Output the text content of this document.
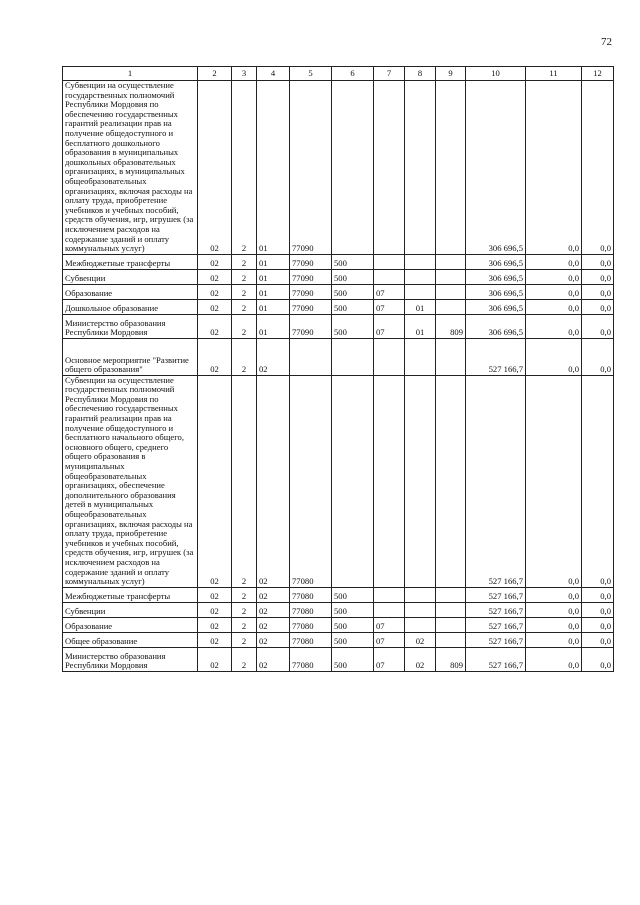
72
1	2	3	4	5	6	7	8	9	10	11	12
Субвенции на осуществление государственных полномочий Республики Мордовия по обеспечению государственных гарантий реализации прав на получение общедоступного и бесплатного дошкольного образования в муниципальных дошкольных образовательных организациях, в муниципальных общеобразовательных организациях, включая расходы на оплату труда, приобретение учебников и учебных пособий, средств обучения, игр, игрушек (за исключением расходов на содержание зданий и оплату коммунальных услуг)	02	2	01	77090					306 696,5	0,0	0,0
Межбюджетные трансферты	02	2	01	77090	500				306 696,5	0,0	0,0
Субвенции	02	2	01	77090	500				306 696,5	0,0	0,0
Образование	02	2	01	77090	500	07			306 696,5	0,0	0,0
Дошкольное образование	02	2	01	77090	500	07	01		306 696,5	0,0	0,0
Министерство образования Республики Мордовия	02	2	01	77090	500	07	01	809	306 696,5	0,0	0,0
Основное мероприятие "Развитие общего образования"	02	2	02						527 166,7	0,0	0,0
Субвенции на осуществление государственных полномочий Республики Мордовия по обеспечению государственных гарантий реализации прав на получение общедоступного и бесплатного начального общего, основного общего, среднего общего образования в муниципальных общеобразовательных организациях, обеспечение дополнительного образования детей в муниципальных общеобразовательных организациях, включая расходы на оплату труда, приобретение учебников и учебных пособий, средств обучения, игр, игрушек (за исключением расходов на содержание зданий и оплату коммунальных услуг)	02	2	02	77080					527 166,7	0,0	0,0
Межбюджетные трансферты	02	2	02	77080	500				527 166,7	0,0	0,0
Субвенции	02	2	02	77080	500				527 166,7	0,0	0,0
Образование	02	2	02	77080	500	07			527 166,7	0,0	0,0
Общее образование	02	2	02	77080	500	07	02		527 166,7	0,0	0,0
Министерство образования Республики Мордовия	02	2	02	77080	500	07	02	809	527 166,7	0,0	0,0
